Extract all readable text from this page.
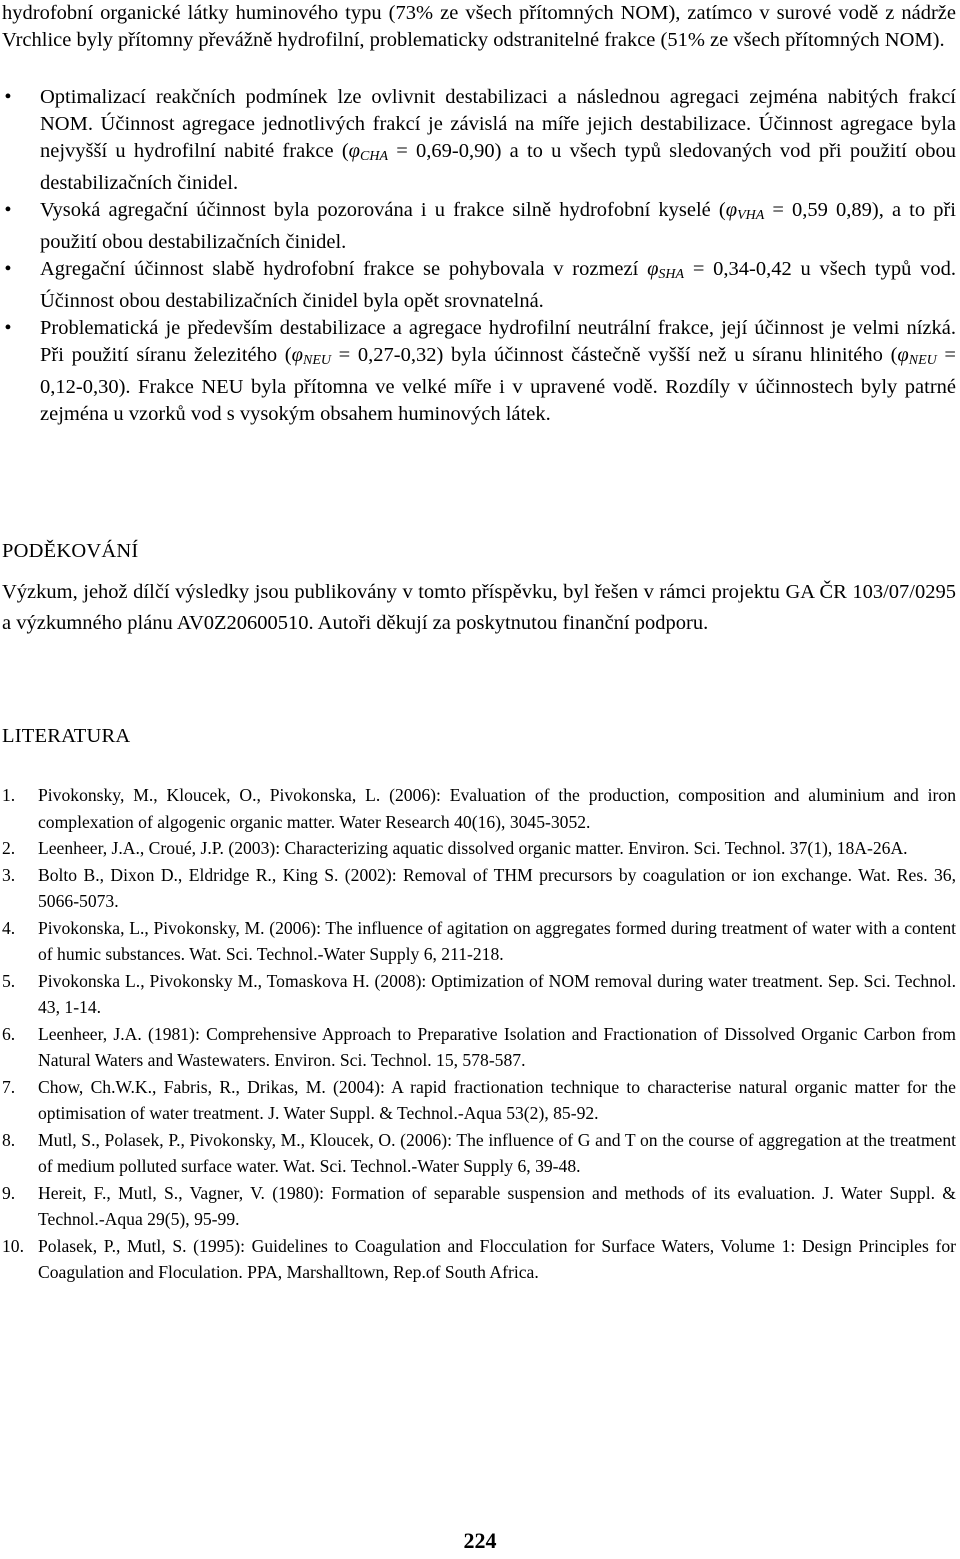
hydrofobní organické látky huminového typu (73% ze všech přítomných NOM), zatímco v surové vodě z nádrže Vrchlice byly přítomny převážně hydrofilní, problematicky odstranitelné frakce (51% ze všech přítomných NOM).

• Optimalizací reakčních podmínek lze ovlivnit destabilizaci a následnou agregaci zejména nabitých frakcí NOM. Účinnost agregace jednotlivých frakcí je závislá na míře jejich destabilizace. Účinnost agregace byla nejvyšší u hydrofilní nabité frakce $(\varphi_{CHA} = 0,69-0,90)$ a to u všech typů sledovaných vod při použití obou destabilizačních činidel.
• Vysoká agregační účinnost byla pozorována i u frakce silně hydrofobní kyselé ($\varphi_{VHA} = 0,59$ 0,89), a to při použití obou destabilizačních činidel.
• Agregační účinnost slabě hydrofobní frakce se pohybovala v rozmezí $\varphi_{SHA} = 0,34-0,42$ u všech typů vod. Účinnost obou destabilizačních činidel byla opět srovnatelná.
• Problematická je především destabilizace a agregace hydrofilní neutrální frakce, její účinnost je velmi nízká. Při použití síranu železitého $(\varphi_{NEU} = 0,27-0,32)$ byla účinnost částečně vyšší než u síranu hlinitého $(\varphi_{NEU} = 0,12-0,30)$. Frakce NEU byla přítomna ve velké míře i v upravené vodě. Rozdíly v účinnostech byly patrné zejména u vzorků vod s vysokým obsahem huminových látek.
PODĚKOVÁNÍ

Výzkum, jehož dílčí výsledky jsou publikovány v tomto příspěvku, byl řešen v rámci projektu GA ČR 103/07/0295 a výzkumného plánu AV0Z20600510. Autoři děkují za poskytnutou finanční podporu.

LITERATURA
1. Pivokonsky, M., Kloucek, O., Pivokonska, L. (2006): Evaluation of the production, composition and aluminium and iron complexation of algogenic organic matter. Water Research 40(16), 3045-3052.
2. Leenheer, J.A., Croué, J.P. (2003): Characterizing aquatic dissolved organic matter. Environ. Sci. Technol. 37(1), 18A-26A.
3. Bolto B., Dixon D., Eldridge R., King S. (2002): Removal of THM precursors by coagulation or ion exchange. Wat. Res. 36, 5066-5073.
4. Pivokonska, L., Pivokonsky, M. (2006): The influence of agitation on aggregates formed during treatment of water with a content of humic substances. Wat. Sci. Technol.-Water Supply 6, 211-218.
5. Pivokonska L., Pivokonsky M., Tomaskova H. (2008): Optimization of NOM removal during water treatment. Sep. Sci. Technol. 43, 1-14.
6. Leenheer, J.A. (1981): Comprehensive Approach to Preparative Isolation and Fractionation of Dissolved Organic Carbon from Natural Waters and Wastewaters. Environ. Sci. Technol. 15, 578-587.
7. Chow, Ch.W.K., Fabris, R., Drikas, M. (2004): A rapid fractionation technique to characterise natural organic matter for the optimisation of water treatment. J. Water Suppl. & Technol.-Aqua 53(2), 85-92.
8. Mutl, S., Polasek, P., Pivokonsky, M., Kloucek, O. (2006): The influence of G and T on the course of aggregation at the treatment of medium polluted surface water. Wat. Sci. Technol.-Water Supply 6, 39-48.
9. Hereit, F., Mutl, S., Vagner, V. (1980): Formation of separable suspension and methods of its evaluation. J. Water Suppl. & Technol.-Aqua 29(5), 95-99.
10. Polasek, P., Mutl, S. (1995): Guidelines to Coagulation and Flocculation for Surface Waters, Volume 1: Design Principles for Coagulation and Floculation. PPA, Marshalltown, Rep.of South Africa.
224
